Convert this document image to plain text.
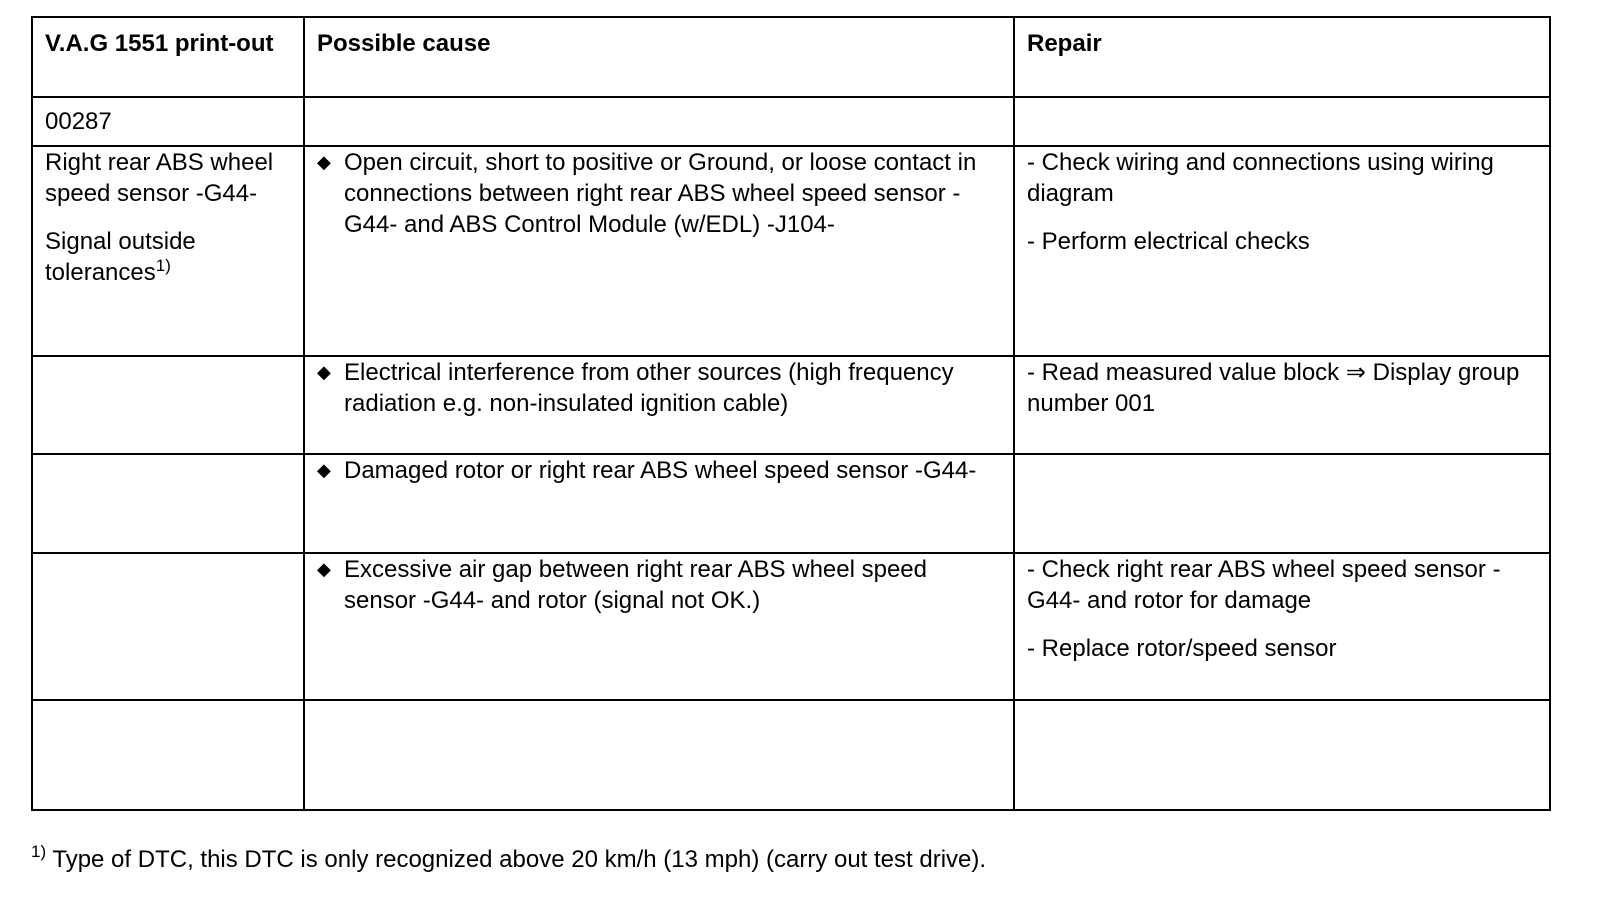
V.A.G 1551 print-out	Possible cause	Repair
00287		

Right rear ABS wheel speed sensor -G44-
Signal outside tolerances$^{1)}$	◆ Open circuit, short to positive or Ground, or loose contact in connections between right rear ABS wheel speed sensor -G44- and ABS Control Module (w/EDL) -J104-	- Check wiring and connections using wiring diagram
- Perform electrical checks

	◆ Electrical interference from other sources (high frequency radiation e.g. non-insulated ignition cable)	- Read measured value block ⇒ Display group number 001

	◆ Damaged rotor or right rear ABS wheel speed sensor -G44-	

	◆ Excessive air gap between right rear ABS wheel speed sensor -G44- and rotor (signal not OK.)	- Check right rear ABS wheel speed sensor -G44- and rotor for damage
- Replace rotor/speed sensor

$^{1)}$ Type of DTC, this DTC is only recognized above 20 km/h (13 mph) (carry out test drive).
